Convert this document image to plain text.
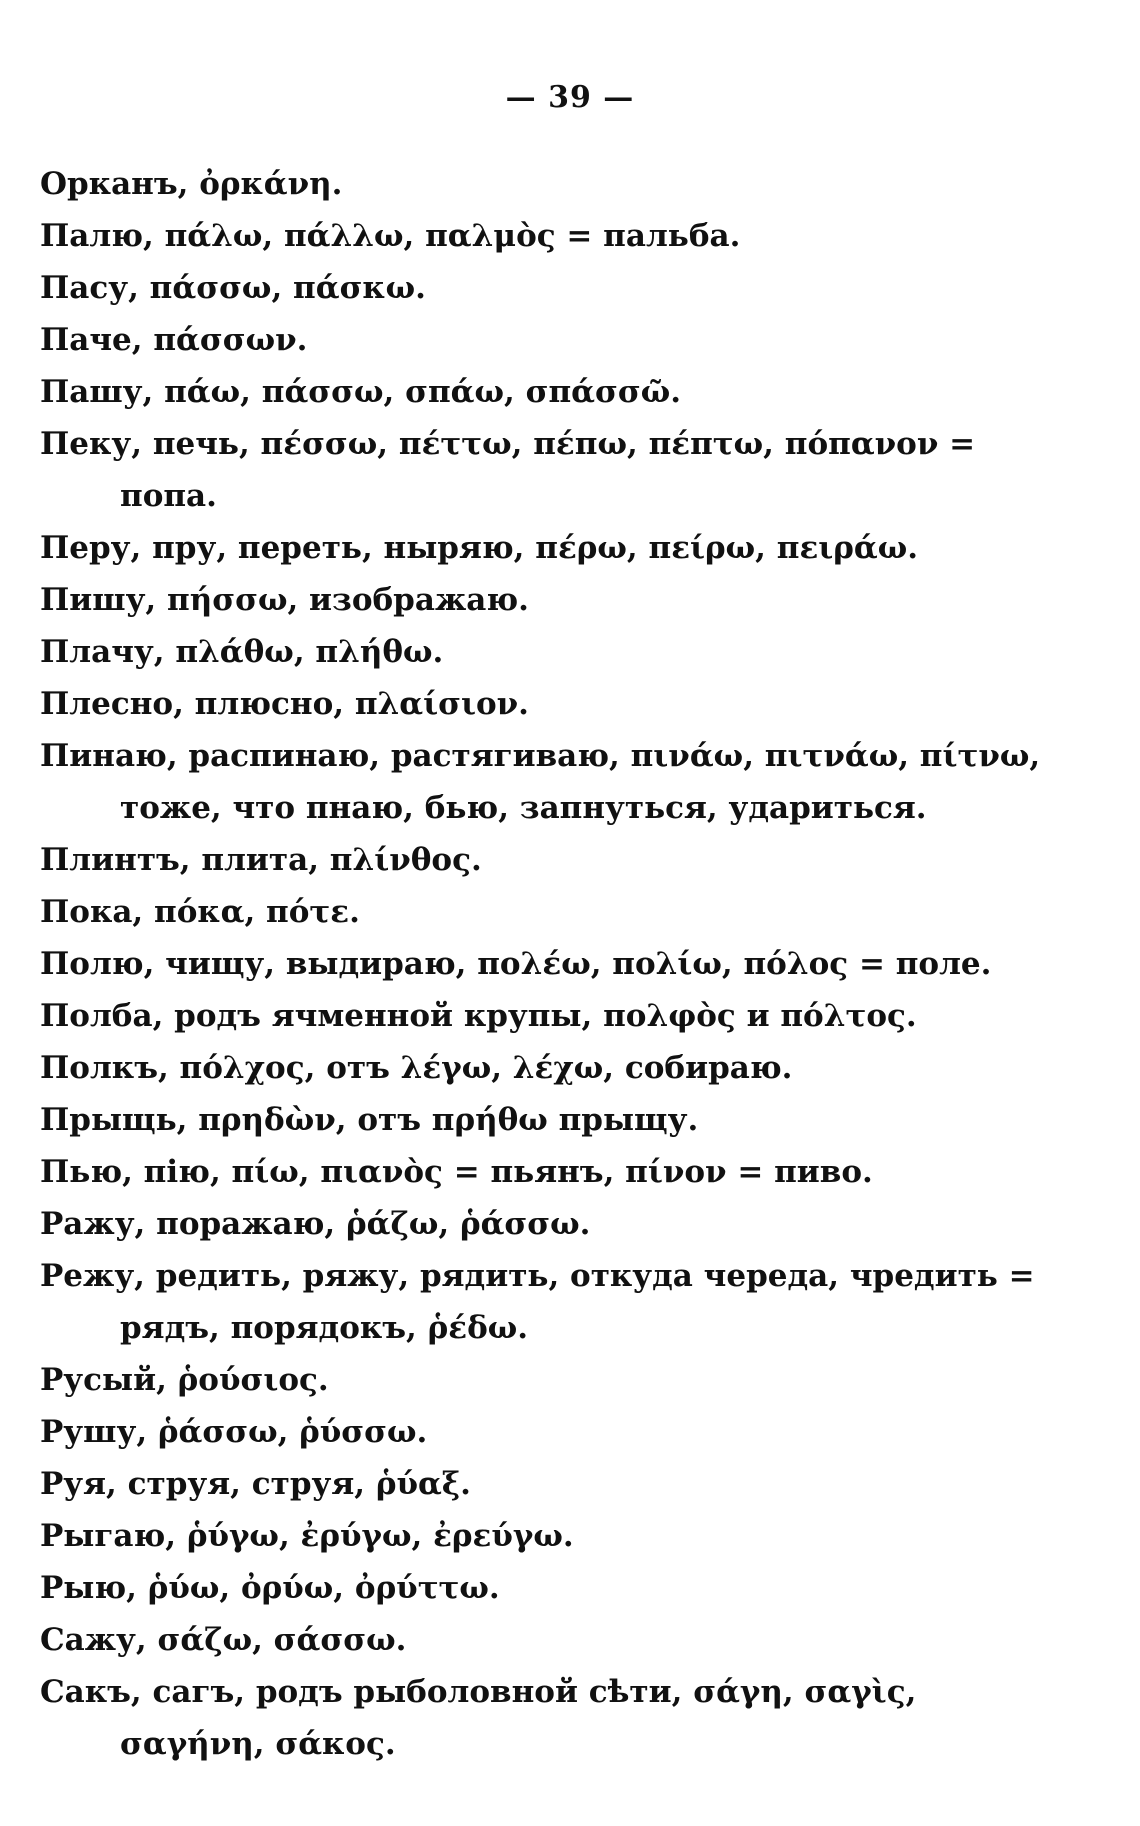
— 39 —
Орканъ, ὀρκάνη.
Палю, πάλω, πάλλω, παλμὸς = пальба.
Пасу, πάσσω, πάσκω.
Паче, πάσσων.
Пашу, πάω, πάσσω, σπάω, σπάσσῶ.
Пеку, печь, πέσσω, πέττω, πέπω, πέπτω, πόπανον =

попа.
Перу, пру, переть, ныряю, πέρω, πείρω, πειράω.
Пишу, πήσσω, изображаю.
Плачу, πλάθω, πλήθω.
Плесно, плюсно, πλαίσιον.
Пинаю, распинаю, растягиваю, πινάω, πιτνάω, πίτνω,

тоже, что пнаю, бью, запнуться, удариться.
Плинтъ, плита, πλίνθος.
Пока, πόκα, πότε.
Полю, чищу, выдираю, πολέω, πολίω, πόλος = поле.
Полба, родъ ячменной крупы, πολφὸς и πόλτος.
Полкъ, πόλχος, отъ λέγω, λέχω, собираю.
Прыщь, πρηδὼν, отъ πρήθω прыщу.
Пью, пію, πίω, πιανὸς = пьянъ, πίνον = пиво.
Ражу, поражаю, ῥάζω, ῥάσσω.
Режу, редить, ряжу, рядить, откуда череда, чредить =

рядъ, порядокъ, ῥέδω.
Русый, ῥούσιος.
Рушу, ῥάσσω, ῥύσσω.
Руя, струя, струя, ῥύαξ.
Рыгаю, ῥύγω, ἐρύγω, ἐρεύγω.
Рыю, ῥύω, ὀρύω, ὀρύττω.
Сажу, σάζω, σάσσω.
Сакъ, сагъ, родъ рыболовной сѣти, σάγη, σαγὶς,

σαγήνη, σάκος.
